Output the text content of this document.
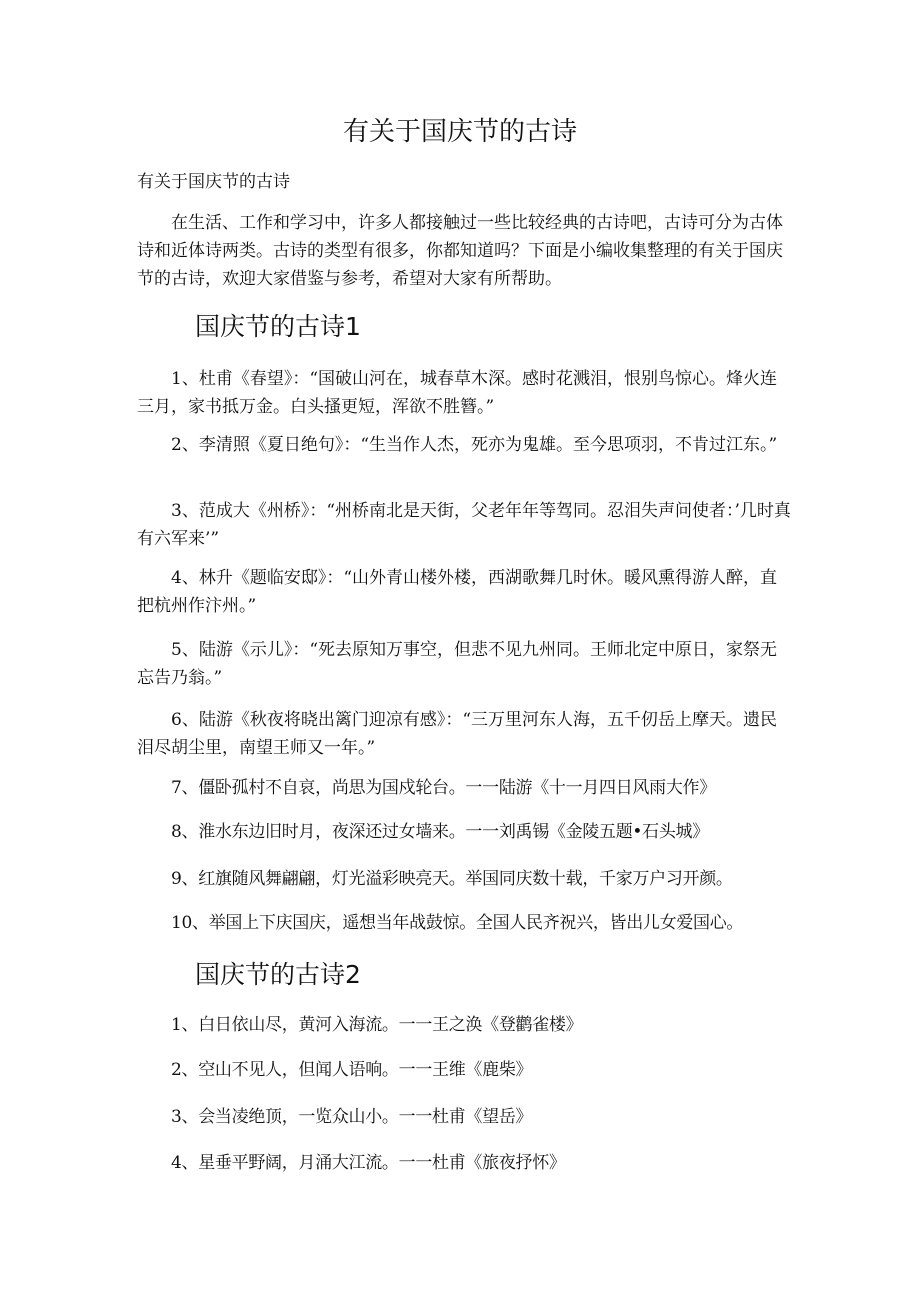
有关于国庆节的古诗
有关于国庆节的古诗

在生活、工作和学习中，许多人都接触过一些比较经典的古诗吧，古诗可分为古体诗和近体诗两类。古诗的类型有很多，你都知道吗？下面是小编收集整理的有关于国庆节的古诗，欢迎大家借鉴与参考，希望对大家有所帮助。

国庆节的古诗1

1、杜甫《春望》：“国破山河在，城春草木深。感时花溅泪，恨别鸟惊心。烽火连三月，家书抵万金。白头搔更短，浑欲不胜簪。”

2、李清照《夏日绝句》：“生当作人杰，死亦为鬼雄。至今思项羽，不肯过江东。”

3、范成大《州桥》：“州桥南北是天街，父老年年等驾同。忍泪失声问使者：’几时真有六军来’”

4、林升《题临安邸》：“山外青山楼外楼，西湖歌舞几时休。暖风熏得游人醉，直把杭州作汴州。”

5、陆游《示儿》：“死去原知万事空，但悲不见九州同。王师北定中原日，家祭无忘告乃翁。”

6、陆游《秋夜将晓出篱门迎凉有感》：“三万里河东人海，五千仞岳上摩天。遗民泪尽胡尘里，南望王师又一年。”

7、僵卧孤村不自哀，尚思为国戍轮台。一一陆游《十一月四日风雨大作》

8、淮水东边旧时月，夜深还过女墙来。一一刘禹锡《金陵五题•石头城》

9、红旗随风舞翩翩，灯光溢彩映亮天。举国同庆数十载，千家万户习开颜。

10、举国上下庆国庆，遥想当年战鼓惊。全国人民齐祝兴，皆出儿女爱国心。

国庆节的古诗2

1、白日依山尽，黄河入海流。一一王之涣《登鹳雀楼》

2、空山不见人，但闻人语响。一一王维《鹿柴》

3、会当凌绝顶，一览众山小。一一杜甫《望岳》

4、星垂平野阔，月涌大江流。一一杜甫《旅夜抒怀》
